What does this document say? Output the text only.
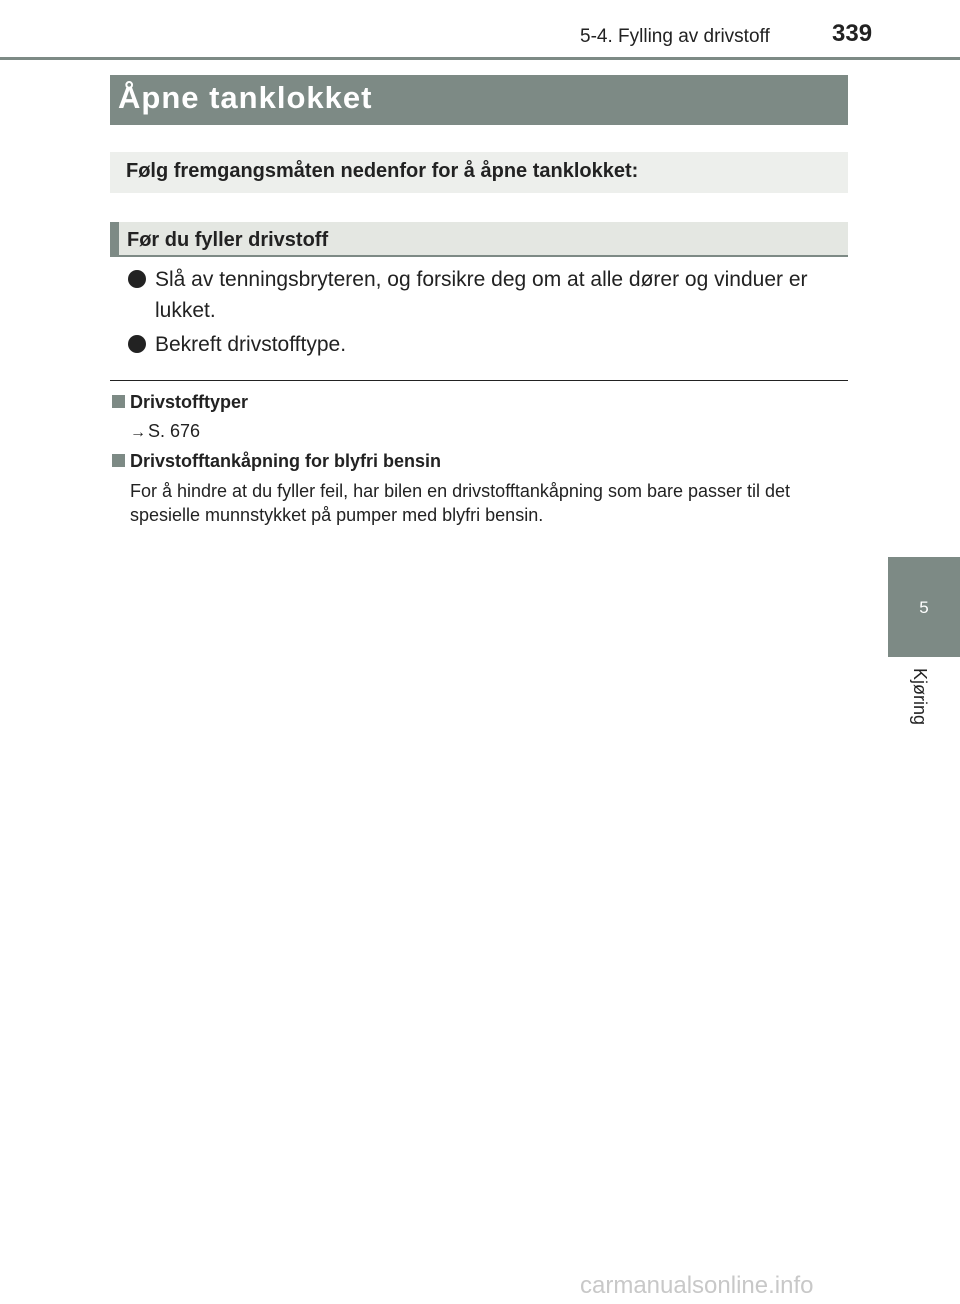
5-4. Fylling av drivstoff	339
Åpne tanklokket
Følg fremgangsmåten nedenfor for å åpne tanklokket:
Før du fyller drivstoff
Slå av tenningsbryteren, og forsikre deg om at alle dører og vinduer er lukket.
Bekreft drivstofftype.
Drivstofftyper
→ S. 676
Drivstofftankåpning for blyfri bensin
For å hindre at du fyller feil, har bilen en drivstofftankåpning som bare passer til det spesielle munnstykket på pumper med blyfri bensin.
5
Kjøring
carmanualsonline.info
